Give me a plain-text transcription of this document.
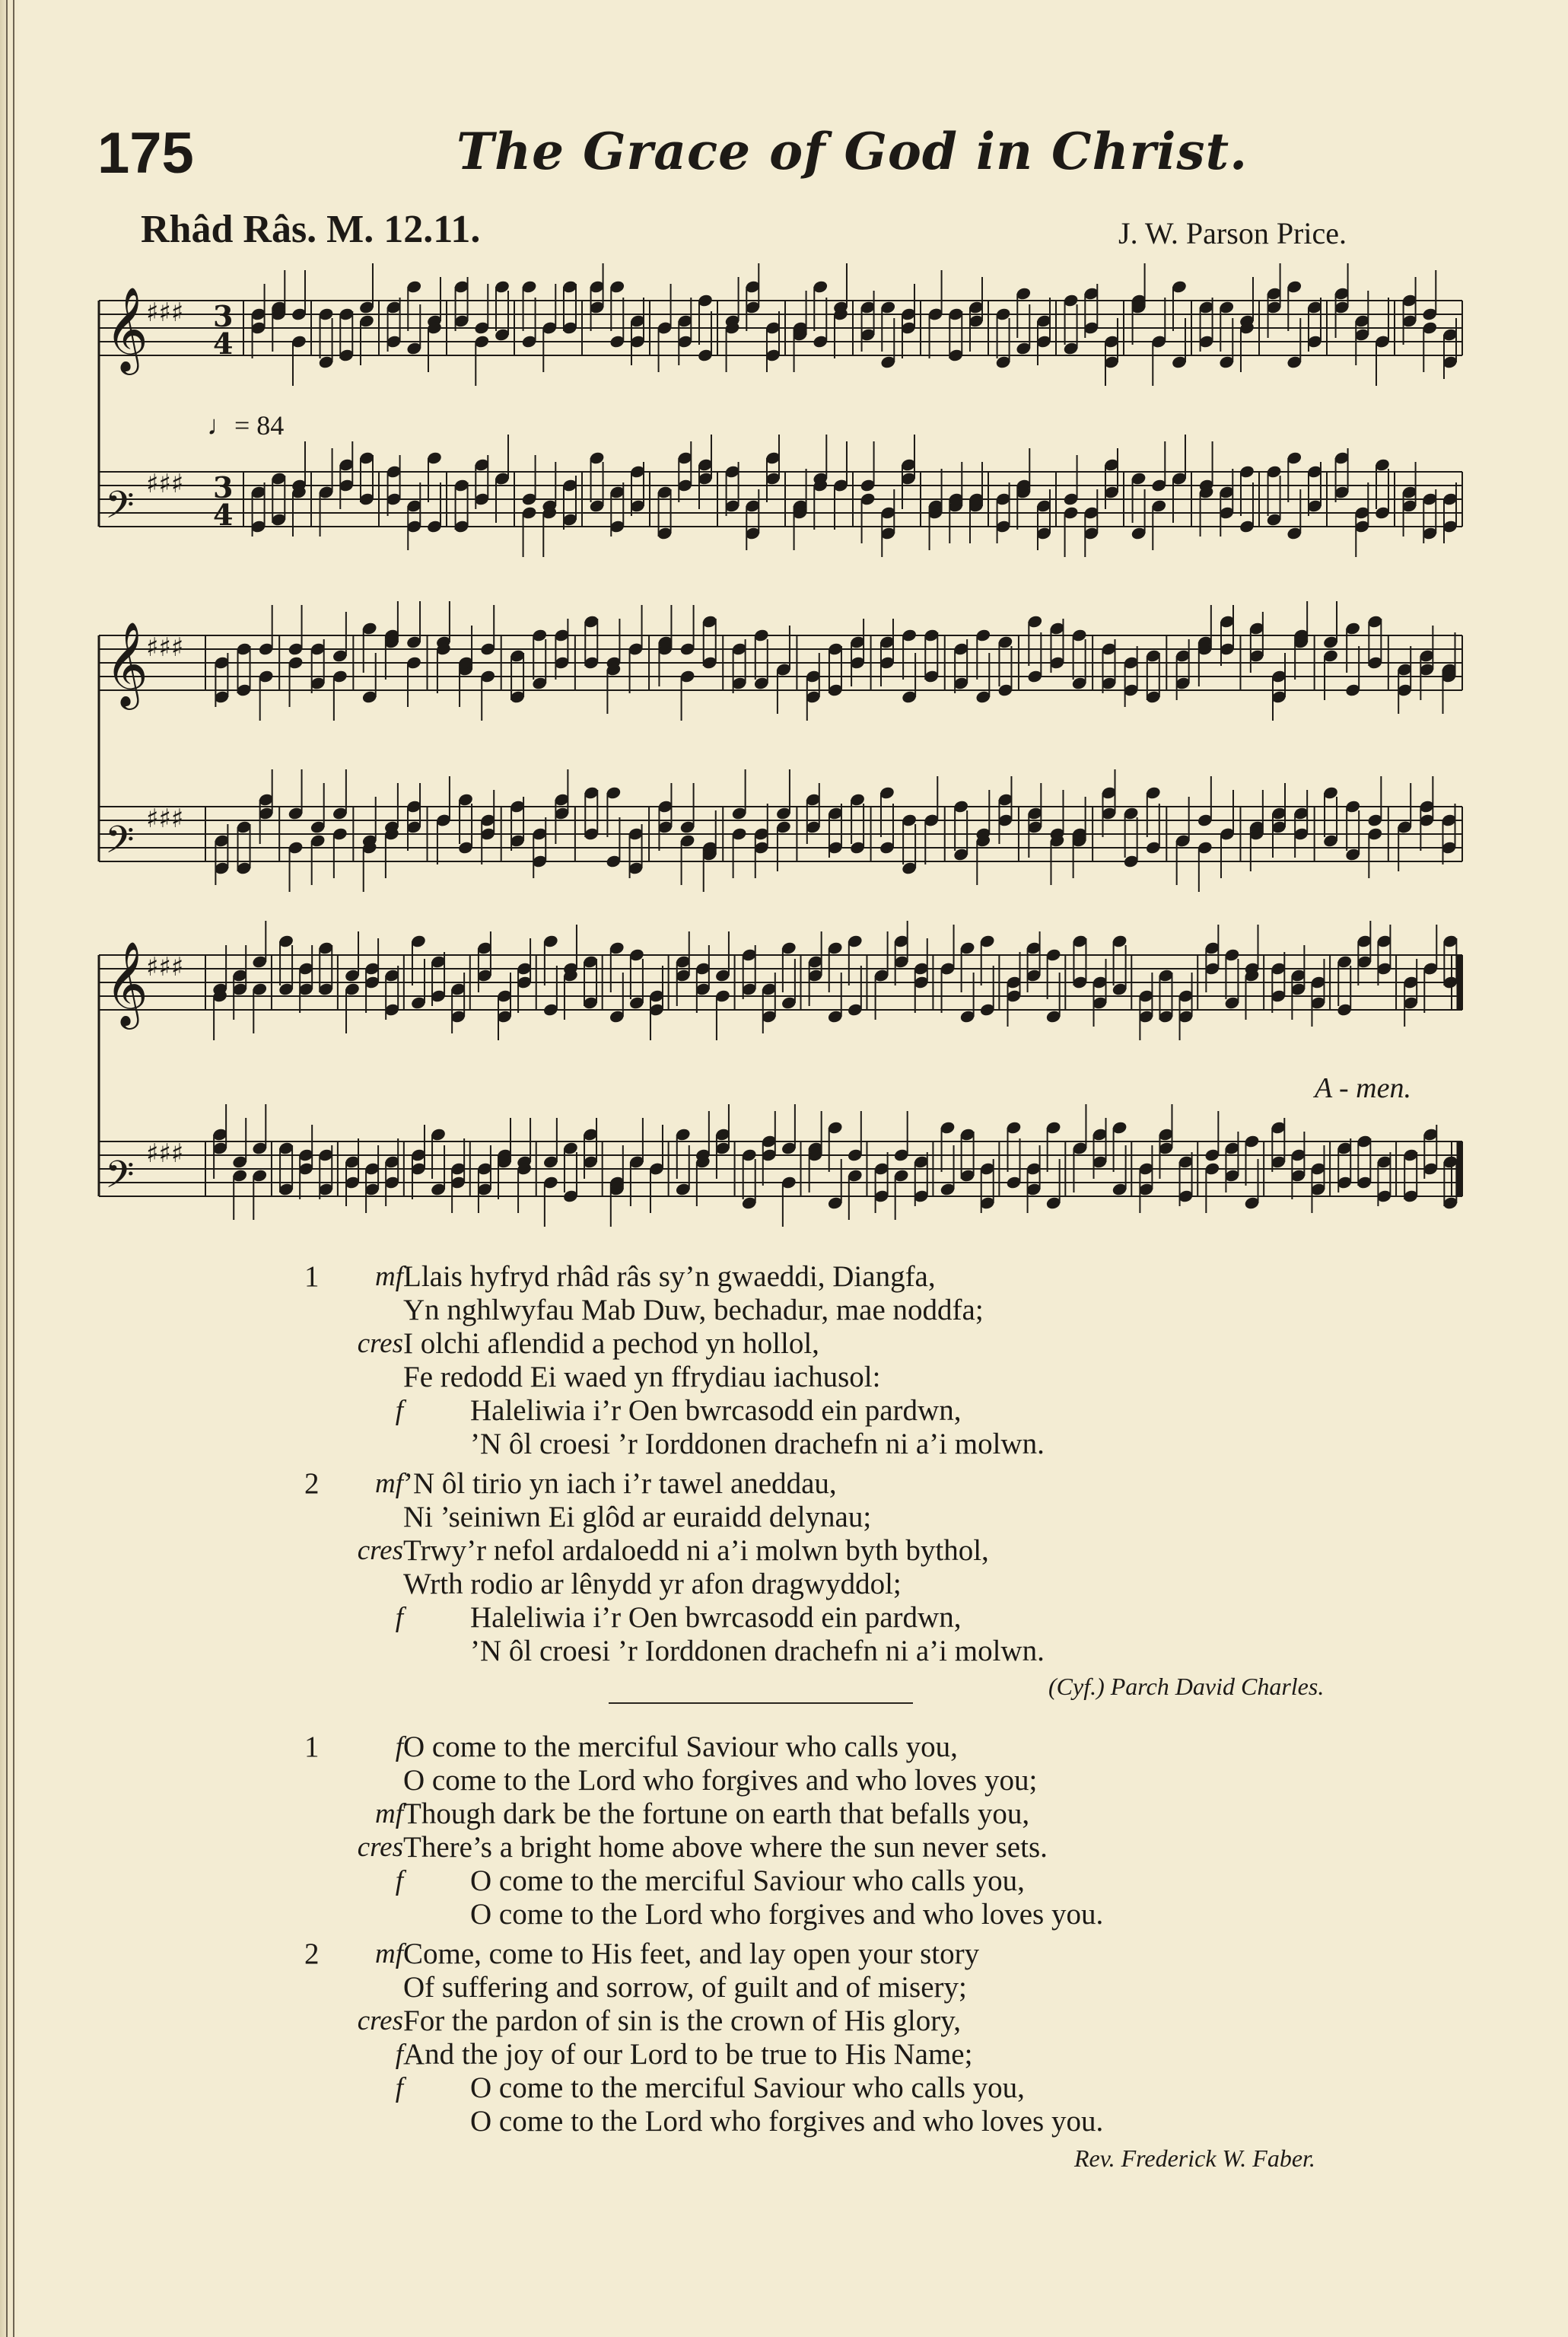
175	The Grace of God in Christ.
Rhâd Râs. M. 12.11.	J. W. Parson Price.
𝄞
♯♯♯ 3
4
𝄢 ♯♯♯ 3
4
♩= 84
𝄞
♯♯♯
𝄢 ♯♯♯
𝄞
♯♯♯
𝄢 ♯♯♯
A - men.
1 mf Llais hyfryd rhâd râs sy’n gwaeddi, Diangfa,
Yn nghlwyfau Mab Duw, bechadur, mae noddfa;
cres I olchi aflendid a pechod yn hollol,
Fe redodd Ei waed yn ffrydiau iachusol:
f Haleliwia i’r Oen bwrcasodd ein pardwn,
’N ôl croesi ’r Iorddonen drachefn ni a’i molwn.
2 mf ’N ôl tirio yn iach i’r tawel aneddau,
Ni ’seiniwn Ei glôd ar euraidd delynau;
cres Trwy’r nefol ardaloedd ni a’i molwn byth bythol,
Wrth rodio ar lênydd yr afon dragwyddol;
f Haleliwia i’r Oen bwrcasodd ein pardwn,
’N ôl croesi ’r Iorddonen drachefn ni a’i molwn.
(Cyf.) Parch David Charles.
1	f O come to the merciful Saviour who calls you,
O come to the Lord who forgives and who loves you;
mf Though dark be the fortune on earth that befalls you,
cres There’s a bright home above where the sun never sets.
f O come to the merciful Saviour who calls you,
O come to the Lord who forgives and who loves you.
2 mf Come, come to His feet, and lay open your story
Of suffering and sorrow, of guilt and of misery;
cres For the pardon of sin is the crown of His glory,
f And the joy of our Lord to be true to His Name;
f O come to the merciful Saviour who calls you,
O come to the Lord who forgives and who loves you.
Rev. Frederick W. Faber.
